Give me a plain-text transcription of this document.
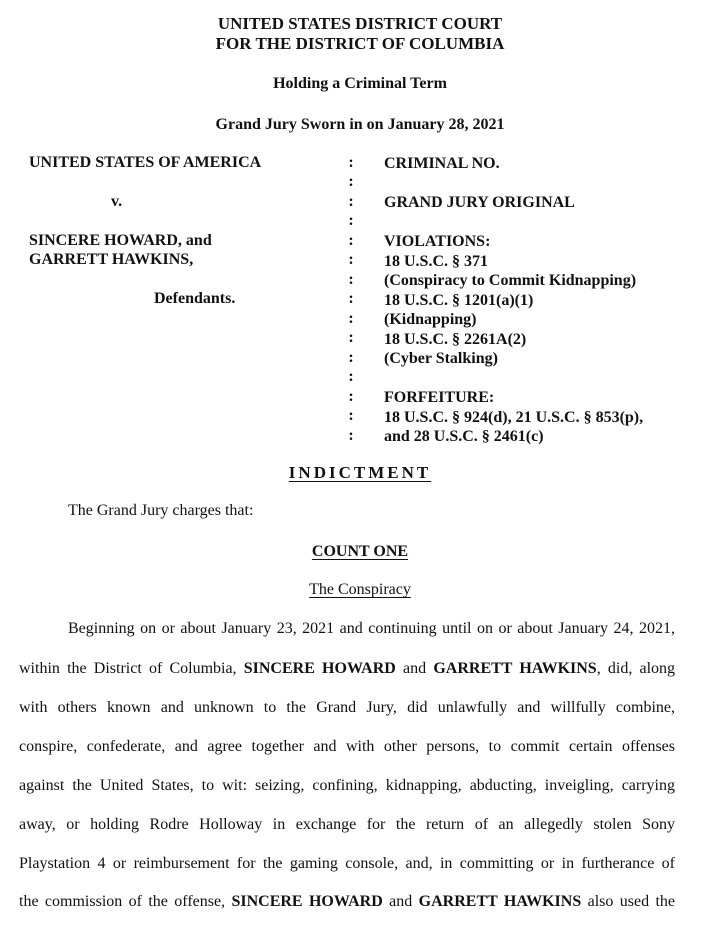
UNITED STATES DISTRICT COURT
FOR THE DISTRICT OF COLUMBIA
Holding a Criminal Term
Grand Jury Sworn in on January 28, 2021
UNITED STATES OF AMERICA
v.
SINCERE HOWARD, and
GARRETT HAWKINS,
Defendants.
:
:
:
:
:
:
:
:
:
:
:
:
:
:
:
CRIMINAL NO.
GRAND JURY ORIGINAL
VIOLATIONS:
18 U.S.C. § 371
(Conspiracy to Commit Kidnapping)
18 U.S.C. § 1201(a)(1)
(Kidnapping)
18 U.S.C. § 2261A(2)
(Cyber Stalking)
FORFEITURE:
18 U.S.C. § 924(d), 21 U.S.C. § 853(p),
and 28 U.S.C. § 2461(c)
INDICTMENT
The Grand Jury charges that:
COUNT ONE
The Conspiracy
Beginning on or about January 23, 2021 and continuing until on or about January 24, 2021,
within the District of Columbia, SINCERE HOWARD and GARRETT HAWKINS, did, along
with others known and unknown to the Grand Jury, did unlawfully and willfully combine,
conspire, confederate, and agree together and with other persons, to commit certain offenses
against the United States, to wit: seizing, confining, kidnapping, abducting, inveigling, carrying
away, or holding Rodre Holloway in exchange for the return of an allegedly stolen Sony
Playstation 4 or reimbursement for the gaming console, and, in committing or in furtherance of
the commission of the offense, SINCERE HOWARD and GARRETT HAWKINS also used the
